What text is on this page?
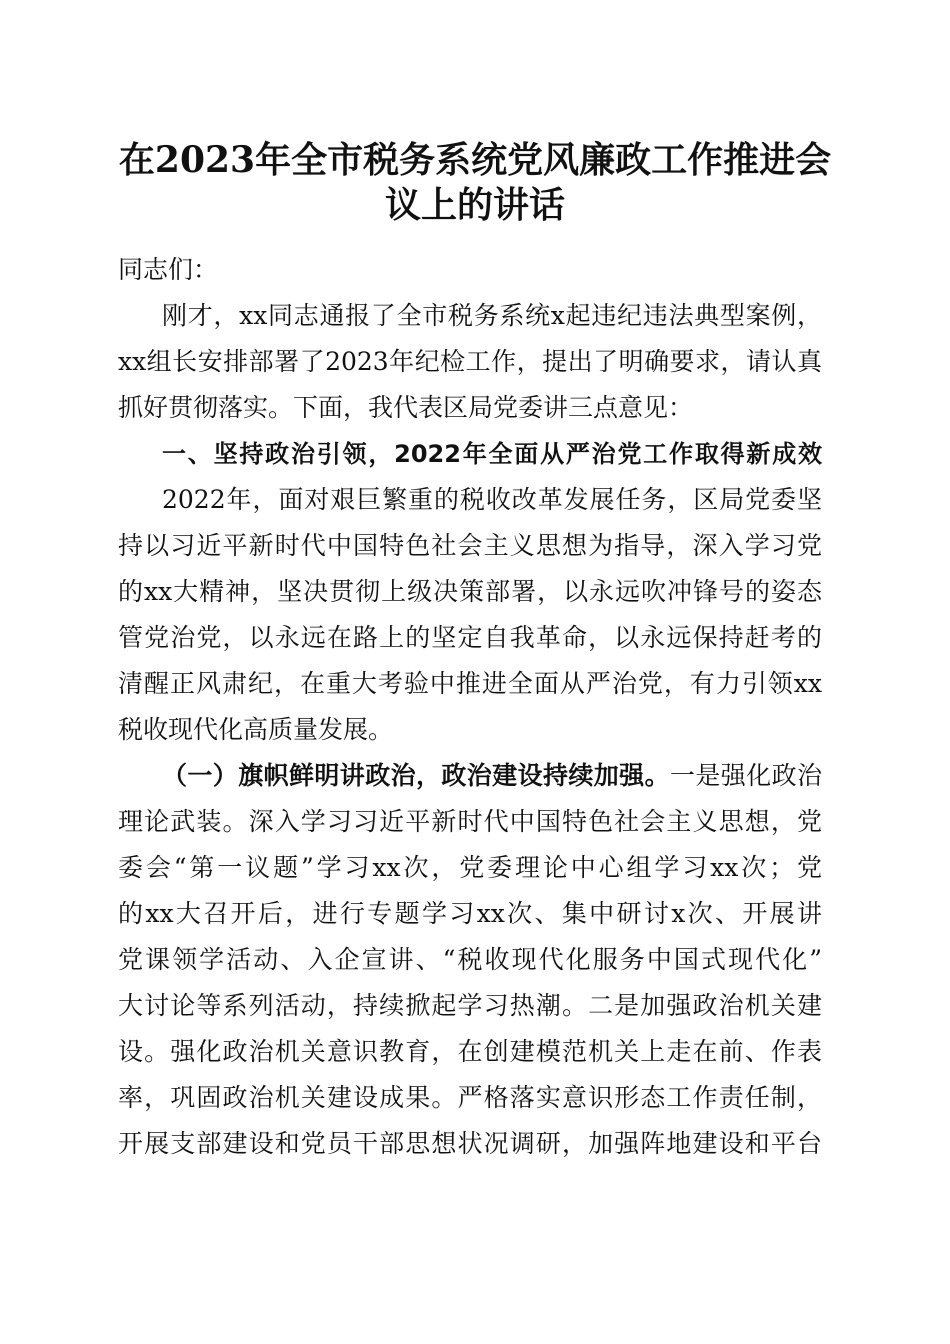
在2023年全市税务系统党风廉政工作推进会
议上的讲话
同志们：
刚才，xx同志通报了全市税务系统x起违纪违法典型案例，
xx组长安排部署了2023年纪检工作，提出了明确要求，请认真
抓好贯彻落实。下面，我代表区局党委讲三点意见：
一、坚持政治引领，2022年全面从严治党工作取得新成效
2022年，面对艰巨繁重的税收改革发展任务，区局党委坚
持以习近平新时代中国特色社会主义思想为指导，深入学习党
的xx大精神，坚决贯彻上级决策部署，以永远吹冲锋号的姿态
管党治党，以永远在路上的坚定自我革命，以永远保持赶考的
清醒正风肃纪，在重大考验中推进全面从严治党，有力引领xx
税收现代化高质量发展。
（一）旗帜鲜明讲政治，政治建设持续加强。一是强化政治
理论武装。深入学习习近平新时代中国特色社会主义思想，党
委会“第一议题”学习xx次，党委理论中心组学习xx次；党
的xx大召开后，进行专题学习xx次、集中研讨x次、开展讲
党课领学活动、入企宣讲、“税收现代化服务中国式现代化”
大讨论等系列活动，持续掀起学习热潮。二是加强政治机关建
设。强化政治机关意识教育，在创建模范机关上走在前、作表
率，巩固政治机关建设成果。严格落实意识形态工作责任制，
开展支部建设和党员干部思想状况调研，加强阵地建设和平台
